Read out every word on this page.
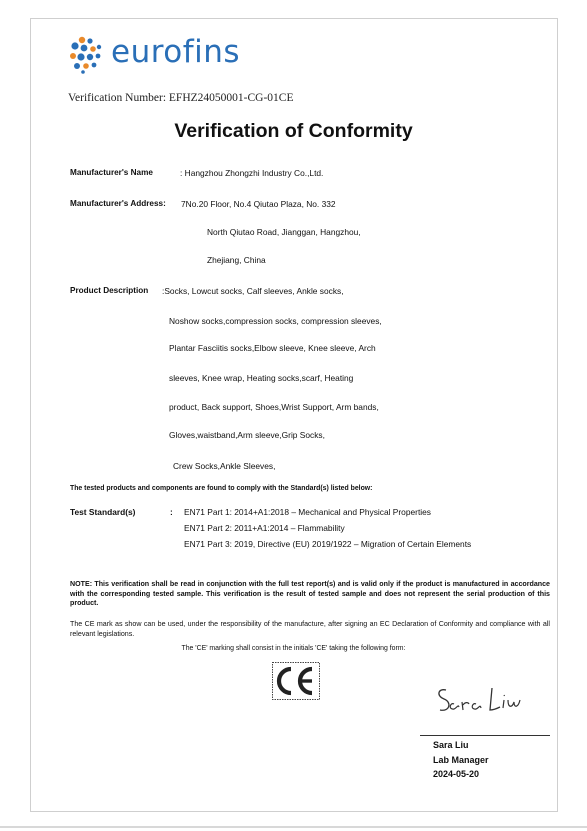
eurofins
Verification Number: EFHZ24050001-CG-01CE
Verification of Conformity
Manufacturer's Name	: Hangzhou Zhongzhi Industry Co.,Ltd.
Manufacturer's Address: 7No.20 Floor, No.4 Qiutao Plaza, No. 332
North Qiutao Road, Jianggan, Hangzhou,
Zhejiang, China
Product Description :Socks, Lowcut socks, Calf sleeves, Ankle socks,
Noshow socks,compression socks, compression sleeves,
Plantar Fasciitis socks,Elbow sleeve, Knee sleeve, Arch
sleeves, Knee wrap, Heating socks,scarf, Heating
product, Back support, Shoes,Wrist Support, Arm bands,
Gloves,waistband,Arm sleeve,Grip Socks,
Crew Socks,Ankle Sleeves,
The tested products and components are found to comply with the Standard(s) listed below:
Test Standard(s)	: EN71 Part 1: 2014+A1:2018 – Mechanical and Physical Properties
EN71 Part 2: 2011+A1:2014 – Flammability
EN71 Part 3: 2019, Directive (EU) 2019/1922 – Migration of Certain Elements
NOTE: This verification shall be read in conjunction with the full test report(s) and is valid only if the product is manufactured in accordance with the corresponding tested sample. This verification is the result of tested sample and does not represent the serial production of this product.
The CE mark as show can be used, under the responsibility of the manufacture, after signing an EC Declaration of Conformity and compliance with all relevant legislations.
The 'CE' marking shall consist in the initials 'CE' taking the following form:
Sara Liu
Lab Manager
2024-05-20
